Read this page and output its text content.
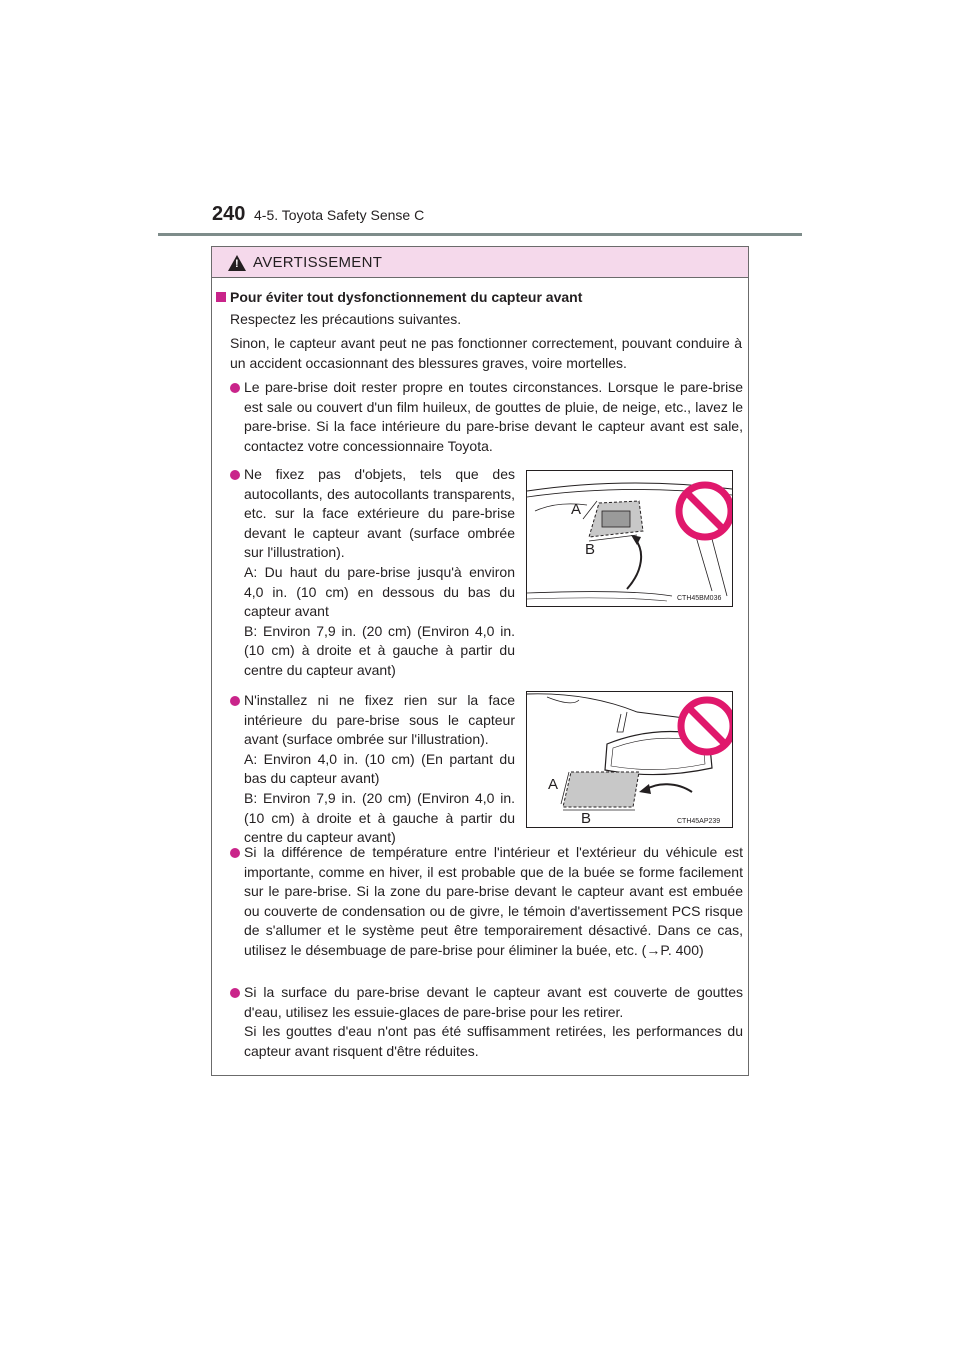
240 4-5. Toyota Safety Sense C
!
AVERTISSEMENT
Pour éviter tout dysfonctionnement du capteur avant
Respectez les précautions suivantes.
Sinon, le capteur avant peut ne pas fonctionner correctement, pouvant conduire à un accident occasionnant des blessures graves, voire mortelles.
Le pare-brise doit rester propre en toutes circonstances. Lorsque le pare-brise est sale ou couvert d'un film huileux, de gouttes de pluie, de neige, etc., lavez le pare-brise. Si la face intérieure du pare-brise devant le capteur avant est sale, contactez votre concessionnaire Toyota.
Ne fixez pas d'objets, tels que des autocollants, des autocollants transparents, etc. sur la face extérieure du pare-brise devant le capteur avant (surface ombrée sur l'illustration).
A: Du haut du pare-brise jusqu'à environ 4,0 in. (10 cm) en dessous du bas du capteur avant
B: Environ 7,9 in. (20 cm) (Environ 4,0 in. (10 cm) à droite et à gauche à partir du centre du capteur avant)
A
B
CTH45BM036
N'installez ni ne fixez rien sur la face intérieure du pare-brise sous le capteur avant (surface ombrée sur l'illustration).
A: Environ 4,0 in. (10 cm) (En partant du bas du capteur avant)
B: Environ 7,9 in. (20 cm) (Environ 4,0 in. (10 cm) à droite et à gauche à partir du centre du capteur avant)
A
B	CTH45AP239
Si la différence de température entre l'intérieur et l'extérieur du véhicule est importante, comme en hiver, il est probable que de la buée se forme facilement sur le pare-brise. Si la zone du pare-brise devant le capteur avant est embuée ou couverte de condensation ou de givre, le témoin d'avertissement PCS risque de s'allumer et le système peut être temporairement désactivé. Dans ce cas, utilisez le désembuage de pare-brise pour éliminer la buée, etc. (→P. 400)
Si la surface du pare-brise devant le capteur avant est couverte de gouttes d'eau, utilisez les essuie-glaces de pare-brise pour les retirer.
Si les gouttes d'eau n'ont pas été suffisamment retirées, les performances du capteur avant risquent d'être réduites.
